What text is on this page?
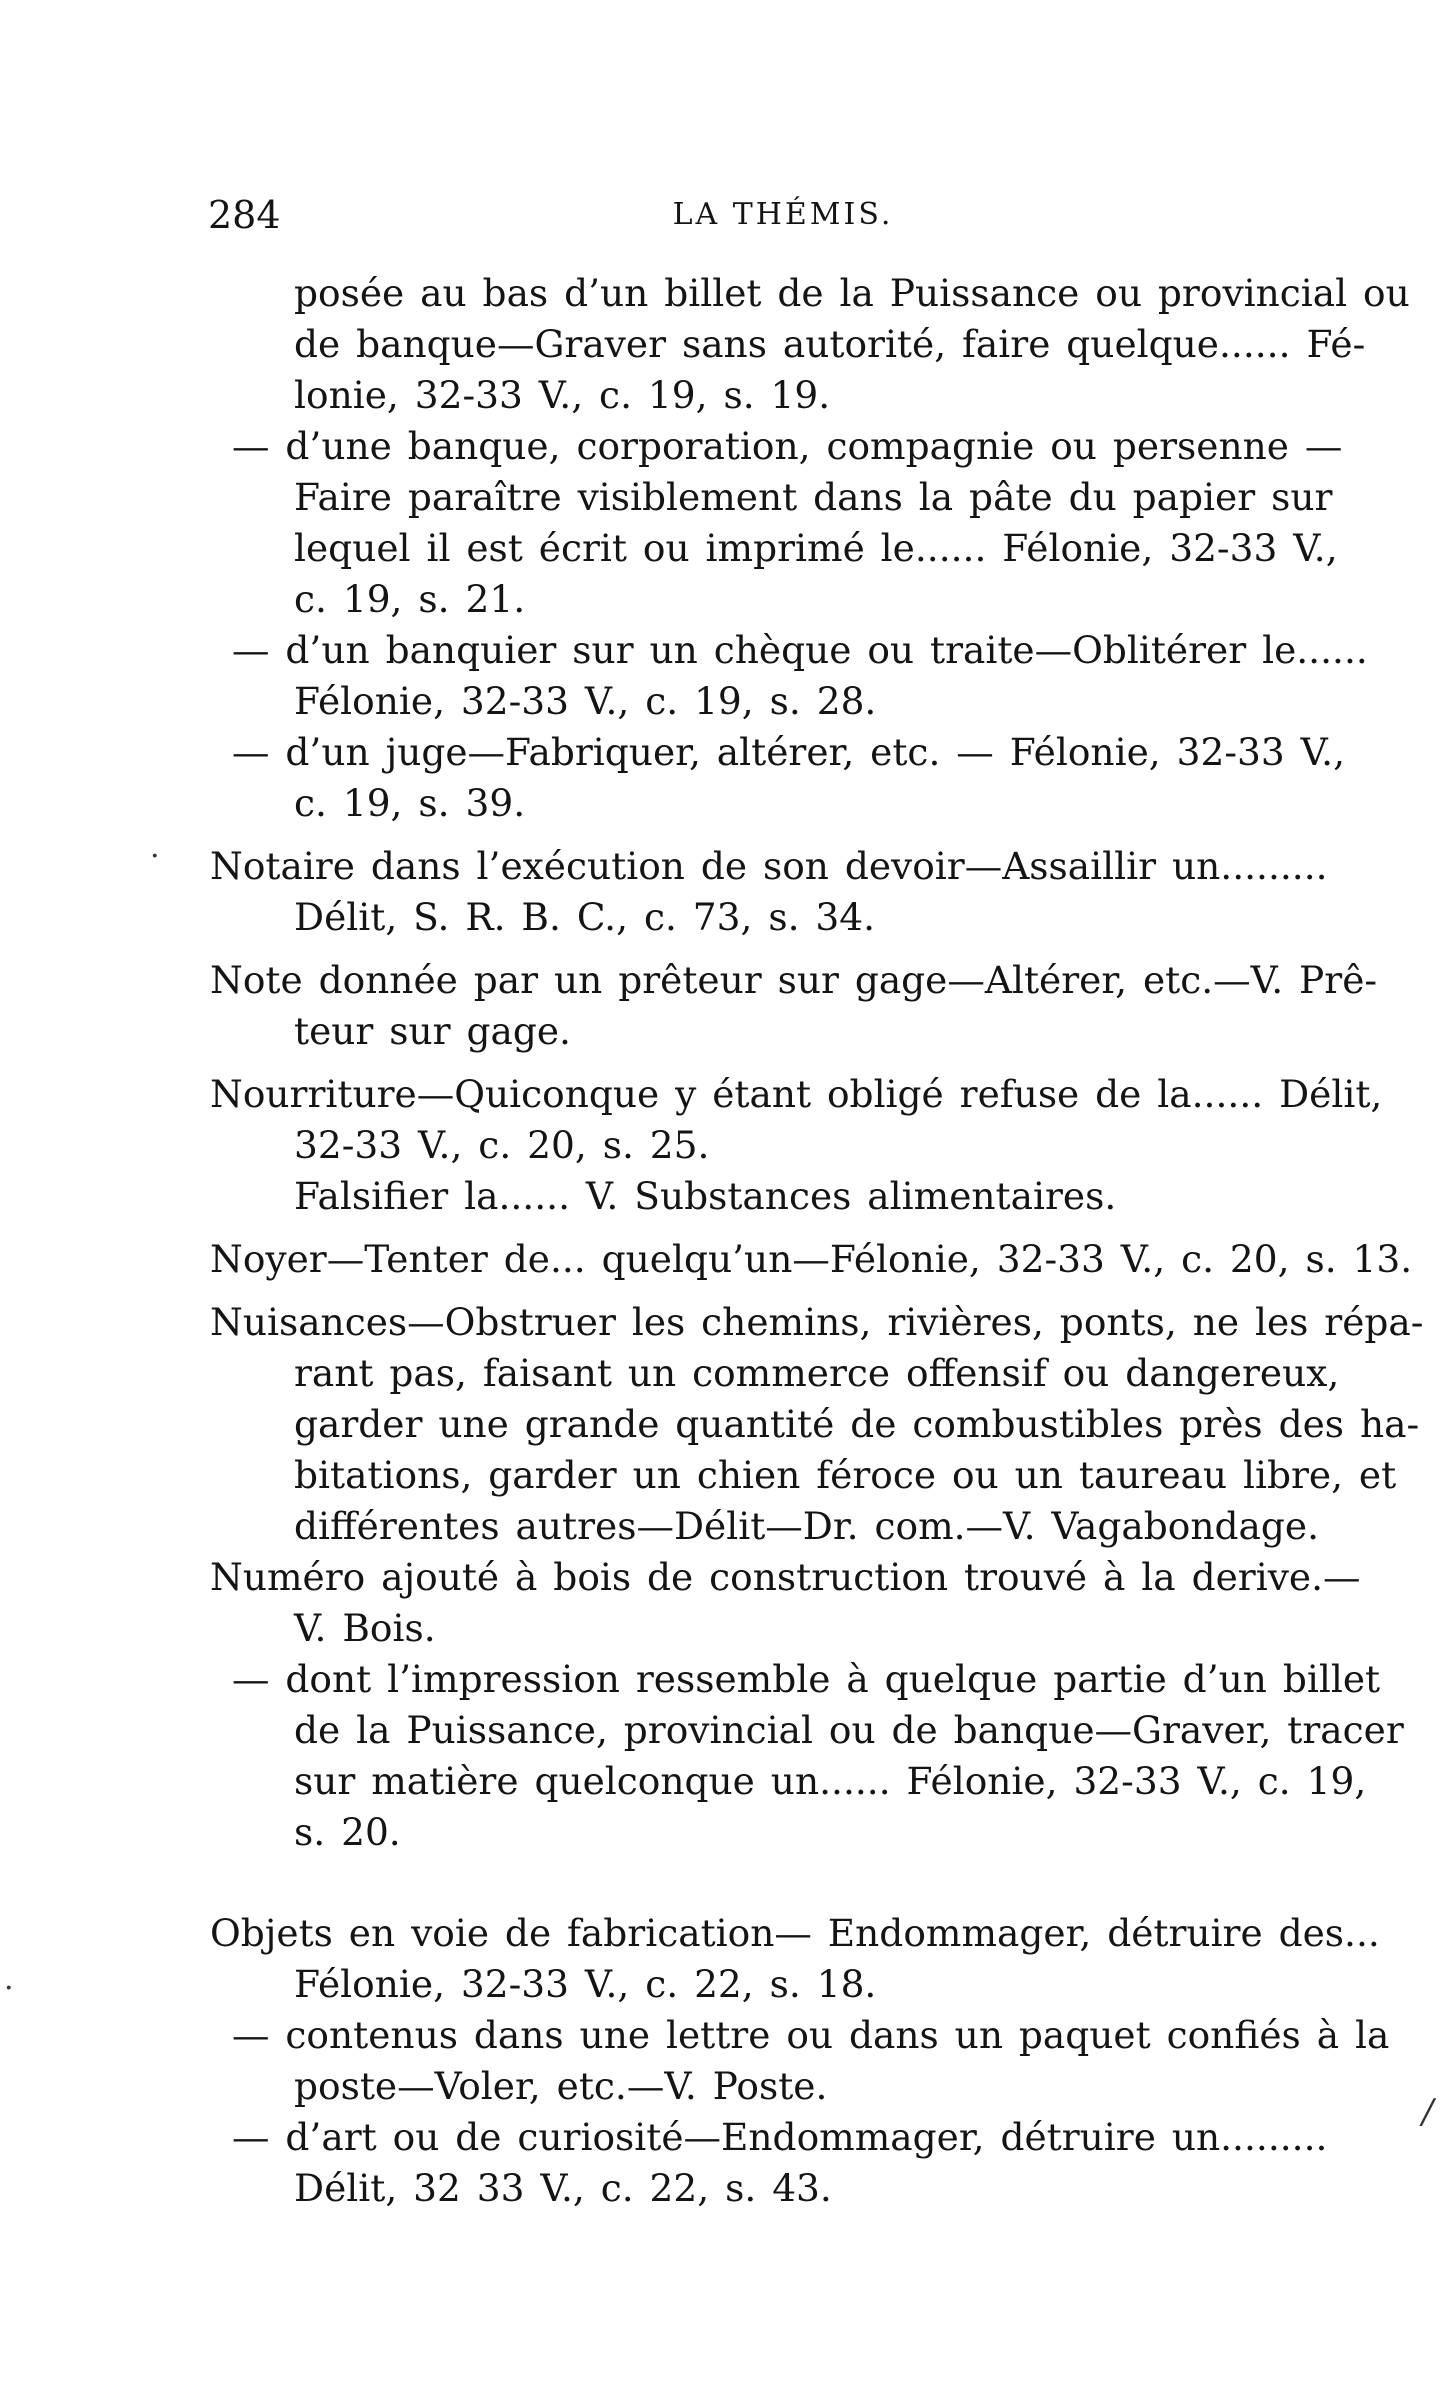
284	LA THÉMIS.
posée au bas d’un billet de la Puissance ou provincial ou
de banque—Graver sans autorité, faire quelque...... Fé-
lonie, 32-33 V., c. 19, s. 19.
— d’une banque, corporation, compagnie ou persenne —
Faire paraître visiblement dans la pâte du papier sur
lequel il est écrit ou imprimé le...... Félonie, 32-33 V.,
c. 19, s. 21.
— d’un banquier sur un chèque ou traite—Oblitérer le......
Félonie, 32-33 V., c. 19, s. 28.
— d’un juge—Fabriquer, altérer, etc. — Félonie, 32-33 V.,
c. 19, s. 39.
Notaire dans l’exécution de son devoir—Assaillir un.........
Délit, S. R. B. C., c. 73, s. 34.
Note donnée par un prêteur sur gage—Altérer, etc.—V. Prê-
teur sur gage.
Nourriture—Quiconque y étant obligé refuse de la...... Délit,
32-33 V., c. 20, s. 25.
Falsifier la...... V. Substances alimentaires.
Noyer—Tenter de... quelqu’un—Félonie, 32-33 V., c. 20, s. 13.
Nuisances—Obstruer les chemins, rivières, ponts, ne les répa-
rant pas, faisant un commerce offensif ou dangereux,
garder une grande quantité de combustibles près des ha-
bitations, garder un chien féroce ou un taureau libre, et
différentes autres—Délit—Dr. com.—V. Vagabondage.
Numéro ajouté à bois de construction trouvé à la derive.—
V. Bois.
— dont l’impression ressemble à quelque partie d’un billet
de la Puissance, provincial ou de banque—Graver, tracer
sur matière quelconque un...... Félonie, 32-33 V., c. 19,
s. 20.
Objets en voie de fabrication— Endommager, détruire des...
Félonie, 32-33 V., c. 22, s. 18.
— contenus dans une lettre ou dans un paquet confiés à la
poste—Voler, etc.—V. Poste.
— d’art ou de curiosité—Endommager, détruire un.........
Délit, 32 33 V., c. 22, s. 43.
.
.
/
